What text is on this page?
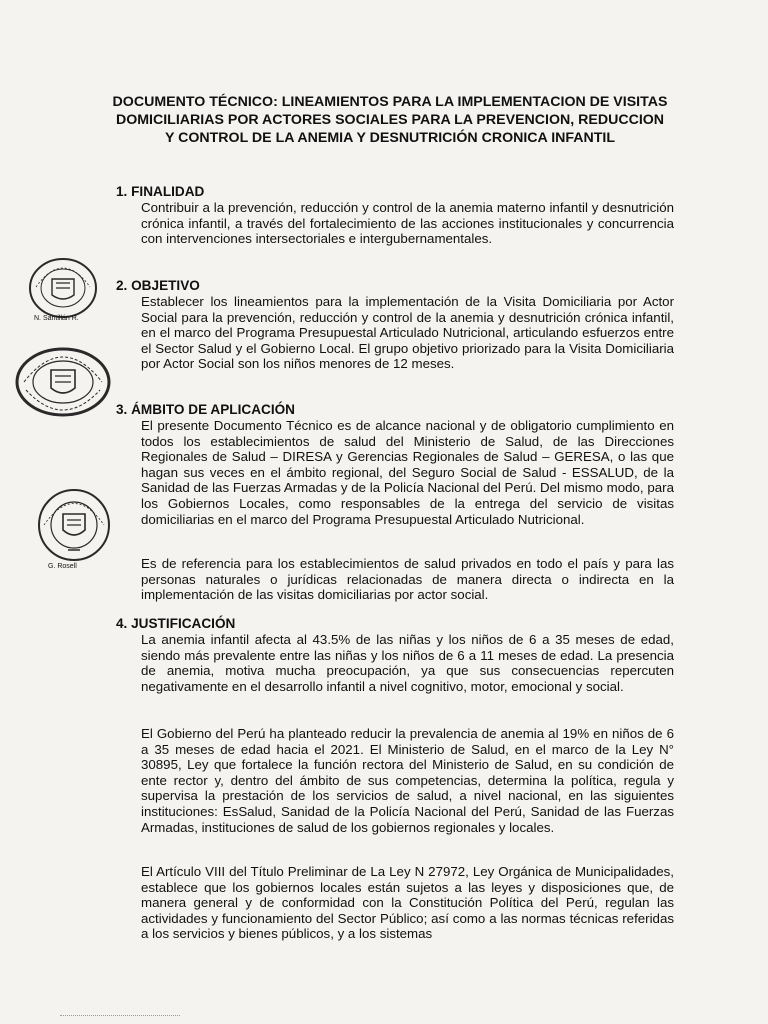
DOCUMENTO TÉCNICO: LINEAMIENTOS PARA LA IMPLEMENTACION DE VISITAS DOMICILIARIAS POR ACTORES SOCIALES PARA LA PREVENCION, REDUCCION Y CONTROL DE LA ANEMIA Y DESNUTRICIÓN CRONICA INFANTIL
1. FINALIDAD
Contribuir a la prevención, reducción y control de la anemia materno infantil y desnutrición crónica infantil, a través del fortalecimiento de las acciones institucionales y concurrencia con intervenciones intersectoriales e intergubernamentales.
2. OBJETIVO
Establecer los lineamientos para la implementación de la Visita Domiciliaria por Actor Social para la prevención, reducción y control de la anemia y desnutrición crónica infantil, en el marco del Programa Presupuestal Articulado Nutricional, articulando esfuerzos entre el Sector Salud y el Gobierno Local. El grupo objetivo priorizado para la Visita Domiciliaria por Actor Social son los niños menores de 12 meses.
3. ÁMBITO DE APLICACIÓN
El presente Documento Técnico es de alcance nacional y de obligatorio cumplimiento en todos los establecimientos de salud del Ministerio de Salud, de las Direcciones Regionales de Salud – DIRESA y Gerencias Regionales de Salud – GERESA, o las que hagan sus veces en el ámbito regional, del Seguro Social de Salud - ESSALUD, de la Sanidad de las Fuerzas Armadas y de la Policía Nacional del Perú. Del mismo modo, para los Gobiernos Locales, como responsables de la entrega del servicio de visitas domiciliarias en el marco del Programa Presupuestal Articulado Nutricional.
Es de referencia para los establecimientos de salud privados en todo el país y para las personas naturales o jurídicas relacionadas de manera directa o indirecta en la implementación de las visitas domiciliarias por actor social.
4. JUSTIFICACIÓN
La anemia infantil afecta al 43.5% de las niñas y los niños de 6 a 35 meses de edad, siendo más prevalente entre las niñas y los niños de 6 a 11 meses de edad. La presencia de anemia, motiva mucha preocupación, ya que sus consecuencias repercuten negativamente en el desarrollo infantil a nivel cognitivo, motor, emocional y social.
El Gobierno del Perú ha planteado reducir la prevalencia de anemia al 19% en niños de 6 a 35 meses de edad hacia el 2021. El Ministerio de Salud, en el marco de la Ley N° 30895, Ley que fortalece la función rectora del Ministerio de Salud, en su condición de ente rector y, dentro del ámbito de sus competencias, determina la política, regula y supervisa la prestación de los servicios de salud, a nivel nacional, en las siguientes instituciones: EsSalud, Sanidad de la Policía Nacional del Perú, Sanidad de las Fuerzas Armadas, instituciones de salud de los gobiernos regionales y locales.
El Artículo VIII del Título Preliminar de La Ley N 27972, Ley Orgánica de Municipalidades, establece que los gobiernos locales están sujetos a las leyes y disposiciones que, de manera general y de conformidad con la Constitución Política del Perú, regulan las actividades y funcionamiento del Sector Público; así como a las normas técnicas referidas a los servicios y bienes públicos, y a los sistemas
N. Santillán R.
G. Rosell
